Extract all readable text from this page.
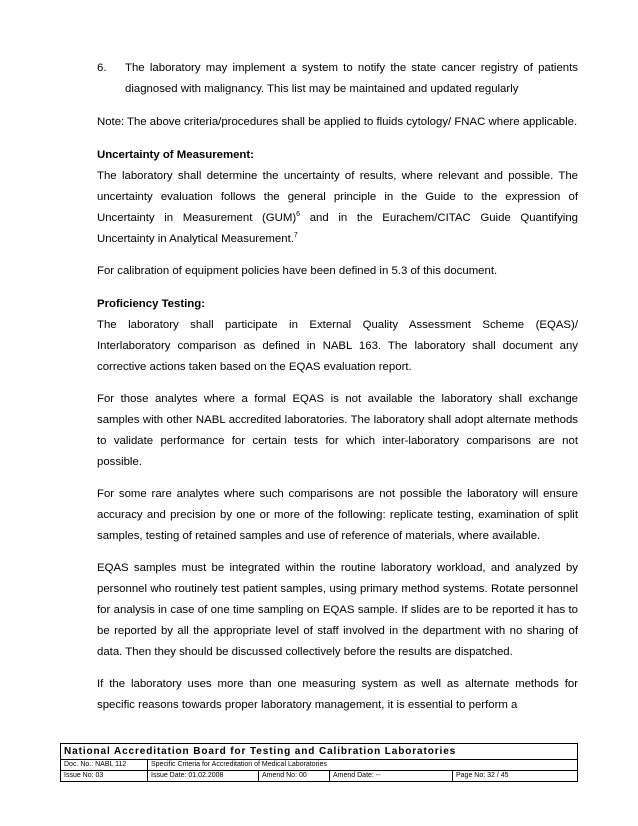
6.	The laboratory may implement a system to notify the state cancer registry of patients diagnosed with malignancy. This list may be maintained and updated regularly
Note: The above criteria/procedures shall be applied to fluids cytology/ FNAC where applicable.
Uncertainty of Measurement:

The laboratory shall determine the uncertainty of results, where relevant and possible. The uncertainty evaluation follows the general principle in the Guide to the expression of Uncertainty in Measurement (GUM)$^6$ and in the Eurachem/CITAC Guide Quantifying Uncertainty in Analytical Measurement.$^7$

For calibration of equipment policies have been defined in 5.3 of this document.

Proficiency Testing:

The laboratory shall participate in External Quality Assessment Scheme (EQAS)/ Interlaboratory comparison as defined in NABL 163. The laboratory shall document any corrective actions taken based on the EQAS evaluation report.

For those analytes where a formal EQAS is not available the laboratory shall exchange samples with other NABL accredited laboratories. The laboratory shall adopt alternate methods to validate performance for certain tests for which inter-laboratory comparisons are not possible.

For some rare analytes where such comparisons are not possible the laboratory will ensure accuracy and precision by one or more of the following: replicate testing, examination of split samples, testing of retained samples and use of reference of materials, where available.

EQAS samples must be integrated within the routine laboratory workload, and analyzed by personnel who routinely test patient samples, using primary method systems. Rotate personnel for analysis in case of one time sampling on EQAS sample. If slides are to be reported it has to be reported by all the appropriate level of staff involved in the department with no sharing of data. Then they should be discussed collectively before the results are dispatched.

If the laboratory uses more than one measuring system as well as alternate methods for specific reasons towards proper laboratory management, it is essential to perform a

National Accreditation Board for Testing and Calibration Laboratories
Doc. No.: NABL 112	Specific Criteria for Accreditation of Medical Laboratories
Issue No: 03	Issue Date: 01.02.2008	Amend No: 00	Amend Date: --	Page No: 32 / 45
